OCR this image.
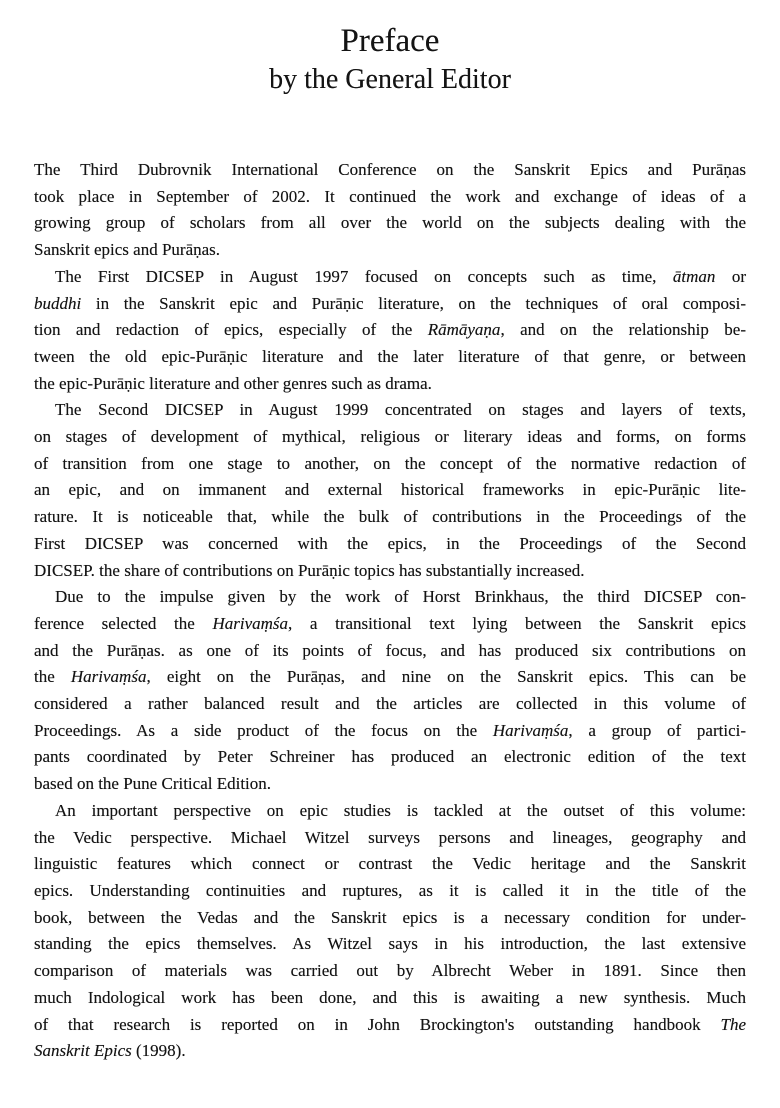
Preface
by the General Editor
The Third Dubrovnik International Conference on the Sanskrit Epics and Purāṇas
took place in September of 2002. It continued the work and exchange of ideas of a
growing group of scholars from all over the world on the subjects dealing with the
Sanskrit epics and Purāṇas.
The First DICSEP in August 1997 focused on concepts such as time, ātman or
buddhi in the Sanskrit epic and Purāṇic literature, on the techniques of oral composi-
tion and redaction of epics, especially of the Rāmāyaṇa, and on the relationship be-
tween the old epic-Purāṇic literature and the later literature of that genre, or between
the epic-Purāṇic literature and other genres such as drama.
The Second DICSEP in August 1999 concentrated on stages and layers of texts,
on stages of development of mythical, religious or literary ideas and forms, on forms
of transition from one stage to another, on the concept of the normative redaction of
an epic, and on immanent and external historical frameworks in epic-Purāṇic lite-
rature. It is noticeable that, while the bulk of contributions in the Proceedings of the
First DICSEP was concerned with the epics, in the Proceedings of the Second
DICSEP. the share of contributions on Purāṇic topics has substantially increased.
Due to the impulse given by the work of Horst Brinkhaus, the third DICSEP con-
ference selected the Harivaṃśa, a transitional text lying between the Sanskrit epics
and the Purāṇas. as one of its points of focus, and has produced six contributions on
the Harivaṃśa, eight on the Purāṇas, and nine on the Sanskrit epics. This can be
considered a rather balanced result and the articles are collected in this volume of
Proceedings. As a side product of the focus on the Harivaṃśa, a group of partici-
pants coordinated by Peter Schreiner has produced an electronic edition of the text
based on the Pune Critical Edition.
An important perspective on epic studies is tackled at the outset of this volume:
the Vedic perspective. Michael Witzel surveys persons and lineages, geography and
linguistic features which connect or contrast the Vedic heritage and the Sanskrit
epics. Understanding continuities and ruptures, as it is called it in the title of the
book, between the Vedas and the Sanskrit epics is a necessary condition for under-
standing the epics themselves. As Witzel says in his introduction, the last extensive
comparison of materials was carried out by Albrecht Weber in 1891. Since then
much Indological work has been done, and this is awaiting a new synthesis. Much
of that research is reported on in John Brockington's outstanding handbook The
Sanskrit Epics (1998).
